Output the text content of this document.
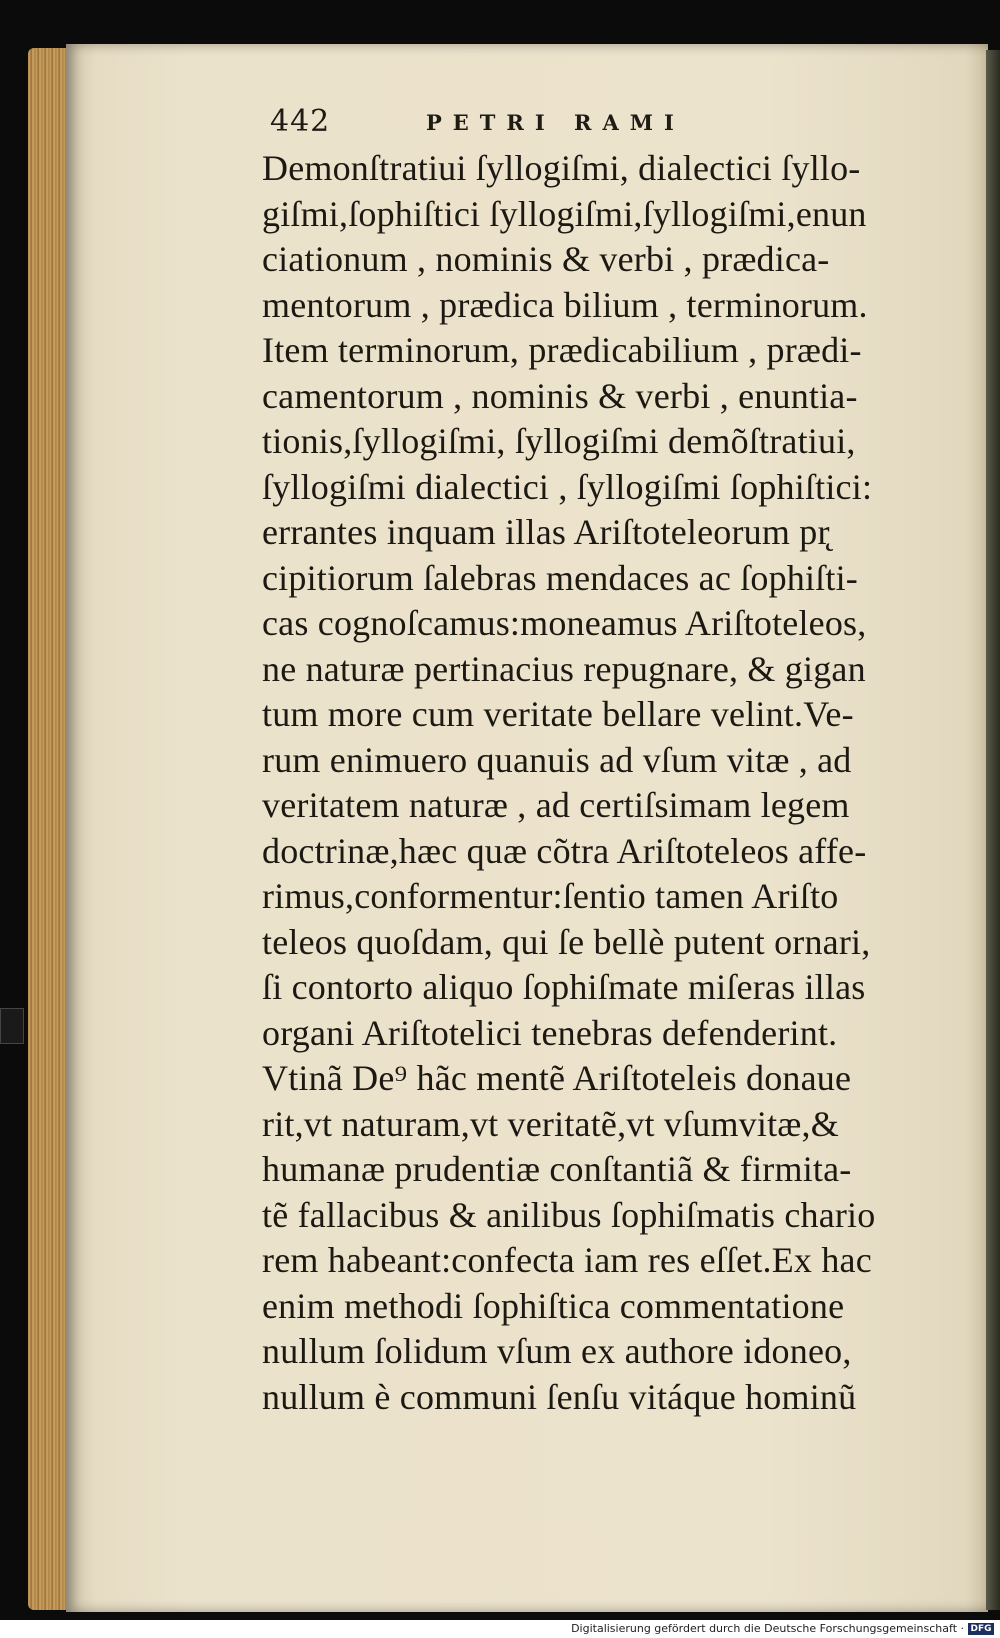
442	PETRI RAMI
Demonſtratiui ſyllogiſmi, dialectici ſyllo-
giſmi,ſophiſtici ſyllogiſmi,ſyllogiſmi,enun
ciationum , nominis & verbi , prædica-
mentorum , prædica bilium , terminorum.
Item terminorum, prædicabilium , prædi-
camentorum , nominis & verbi , enuntia-
tionis,ſyllogiſmi, ſyllogiſmi demõſtratiui,
ſyllogiſmi dialectici , ſyllogiſmi ſophiſtici:
errantes inquam illas Ariſtoteleorum pr̨
cipitiorum ſalebras mendaces ac ſophiſti-
cas cognoſcamus:moneamus Ariſtoteleos,
ne naturæ pertinacius repugnare, & gigan
tum more cum veritate bellare velint.Ve-
rum enimuero quanuis ad vſum vitæ , ad
veritatem naturæ , ad certiſsimam legem
doctrinæ,hæc quæ cõtra Ariſtoteleos affe-
rimus,conformentur:ſentio tamen Ariſto
teleos quoſdam, qui ſe bellè putent ornari,
ſi contorto aliquo ſophiſmate miſeras illas
organi Ariſtotelici tenebras defenderint.
Vtinã De⁹ hãc mentẽ Ariſtoteleis donaue
rit,vt naturam,vt veritatẽ,vt vſumvitæ,&
humanæ prudentiæ conſtantiã & firmita-
tẽ fallacibus & anilibus ſophiſmatis chario
rem habeant:confecta iam res eſſet.Ex hac
enim methodi ſophiſtica commentatione
nullum ſolidum vſum ex authore idoneo,
nullum è communi ſenſu vitáque hominũ
Digitalisierung gefördert durch die Deutsche Forschungsgemeinschaft · DFG
